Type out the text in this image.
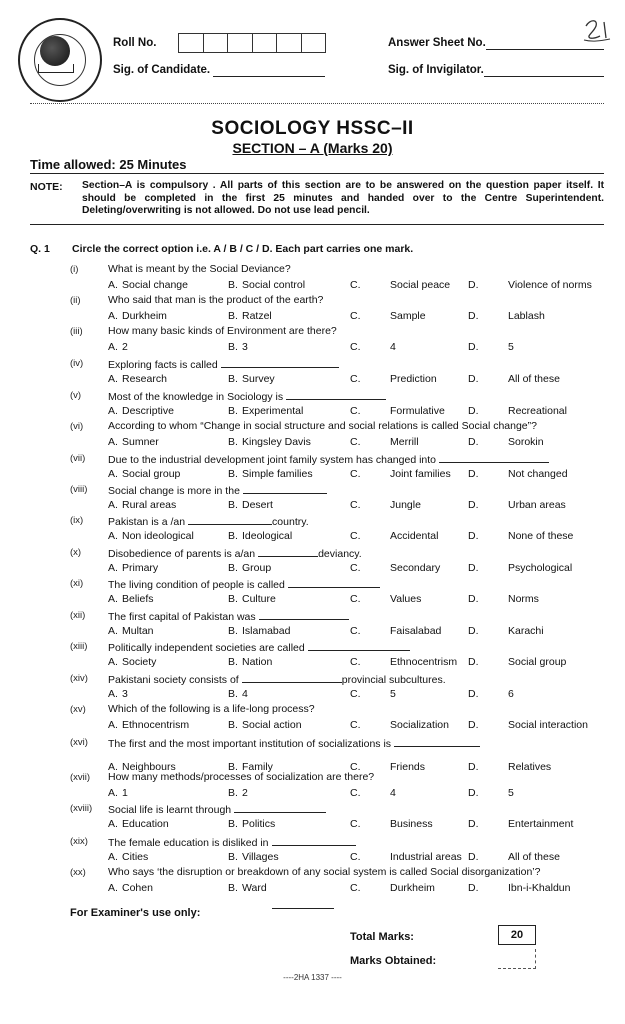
Roll No.
Sig. of Candidate.
Answer Sheet No.
Sig. of Invigilator.
SOCIOLOGY HSSC–II
SECTION – A (Marks 20)
Time allowed: 25 Minutes
NOTE: Section–A is compulsory . All parts of this section are to be answered on the question paper itself. It should be completed in the first 25 minutes and handed over to the Centre Superintendent. Deleting/overwriting is not allowed. Do not use lead pencil.
Q. 1 Circle the correct option i.e. A / B / C / D. Each part carries one mark.
(i)	What is meant by the Social Deviance?
A. Social change	B. Social control	C.	Social peace D.	Violence of norms
(ii)	Who said that man is the product of the earth?
A. Durkheim	B. Ratzel	C.	Sample	D.	Lablash
(iii) How many basic kinds of Environment are there?
A. 2	B. 3	C.	4	D.	5
(iv) Exploring facts is called
A. Research	B. Survey	C.	Prediction	D.	All of these
(v)	Most of the knowledge in Sociology is
A. Descriptive	B. Experimental	C.	Formulative D.	Recreational
(vi) According to whom “Change in social structure and social relations is called Social change”?
A. Sumner	B. Kingsley Davis	C.	Merrill	D.	Sorokin
(vii) Due to the industrial development joint family system has changed into
A. Social group	B. Simple families	C.	Joint families D.	Not changed
(viii) Social change is more in the
A. Rural areas	B. Desert	C.	Jungle	D.	Urban areas
(ix) Pakistan is a /an	country.
A. Non ideological	B. Ideological	C.	Accidental	D.	None of these
(x)	Disobedience of parents is a/an	deviancy.
A. Primary	B. Group	C.	Secondary	D.	Psychological
(xi) The living condition of people is called
A. Beliefs	B. Culture	C.	Values	D.	Norms
(xii) The first capital of Pakistan was
A. Multan	B. Islamabad	C.	Faisalabad	D.	Karachi
(xiii) Politically independent societies are called
A. Society	B. Nation	C.	Ethnocentrism D.	Social group
(xiv) Pakistani society consists of	provincial subcultures.
A. 3	B. 4	C.	5	D.	6
(xv) Which of the following is a life-long process?
A. Ethnocentrism	B. Social action	C.	Socialization D.	Social interaction
(xvi) The first and the most important institution of socializations is
A. Neighbours	B. Family	C.	Friends	D.	Relatives
(xvii) How many methods/processes of socialization are there?
A. 1	B. 2	C.	4	D.	5
(xviii) Social life is learnt through
A. Education	B. Politics	C.	Business	D.	Entertainment
(xix) The female education is disliked in
A. Cities	B. Villages	C.	Industrial areas D.	All of these
(xx) Who says ‘the disruption or breakdown of any social system is called Social disorganization’?
A. Cohen	B. Ward	C.	Durkheim	D.	Ibn-i-Khaldun
For Examiner's use only:
Total Marks:	20
Marks Obtained:
----2HA 1337 ----
